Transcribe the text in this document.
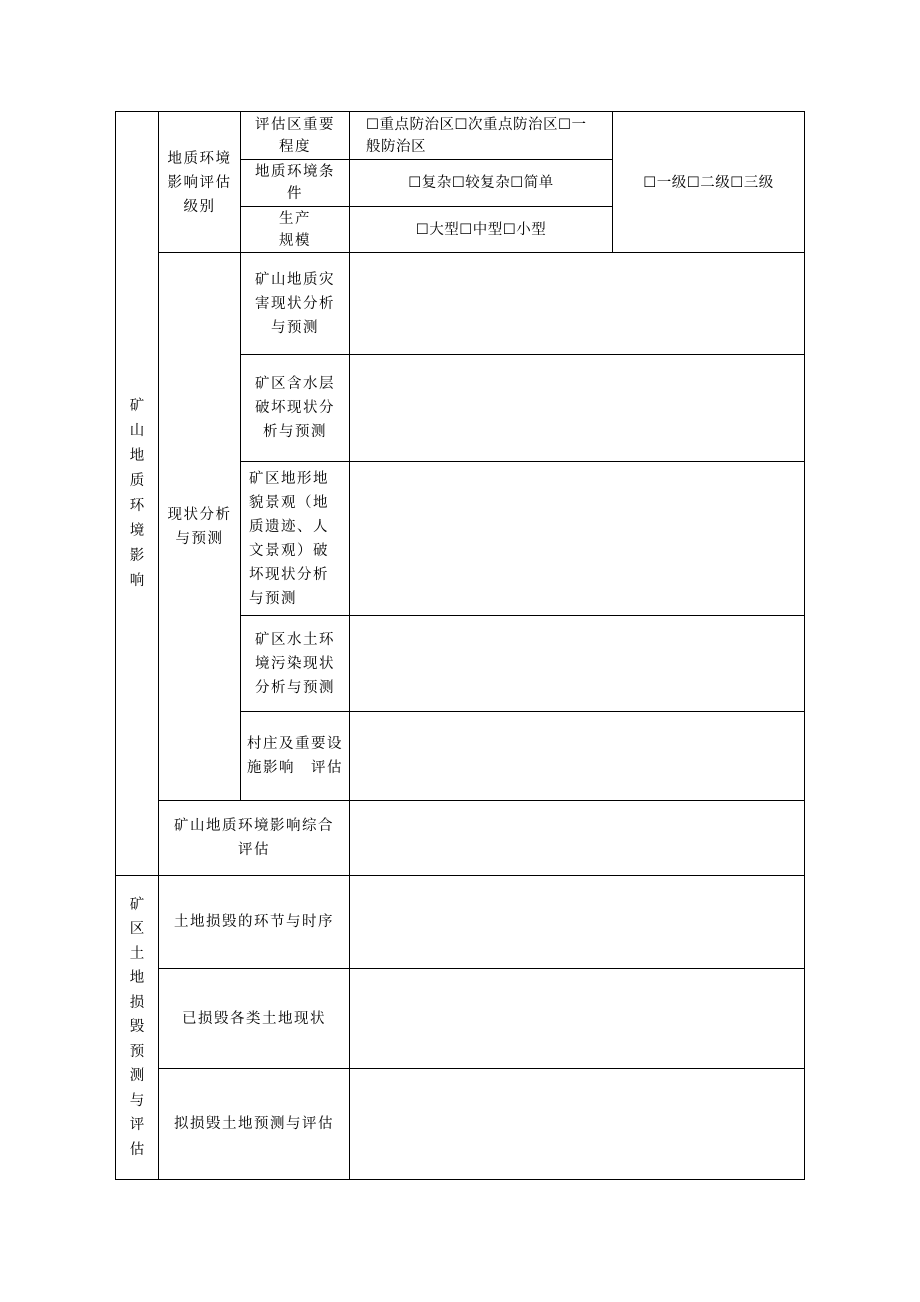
矿山地质环境影响
地质环境影响评估级别
评估区重要程度
☐重点防治区☐次重点防治区☐一般防治区
地质环境条件
☐复杂☐较复杂☐简单
生产规模
☐大型☐中型☐小型
☐一级☐二级☐三级
现状分析与预测
矿山地质灾害现状分析与预测
矿区含水层破坏现状分析与预测
矿区地形地貌景观（地质遗迹、人文景观）破坏现状分析与预测
矿区水土环境污染现状分析与预测
村庄及重要设施影响　评估
矿山地质环境影响综合评估
矿区土地损毁预测与评估
土地损毁的环节与时序
已损毁各类土地现状
拟损毁土地预测与评估
